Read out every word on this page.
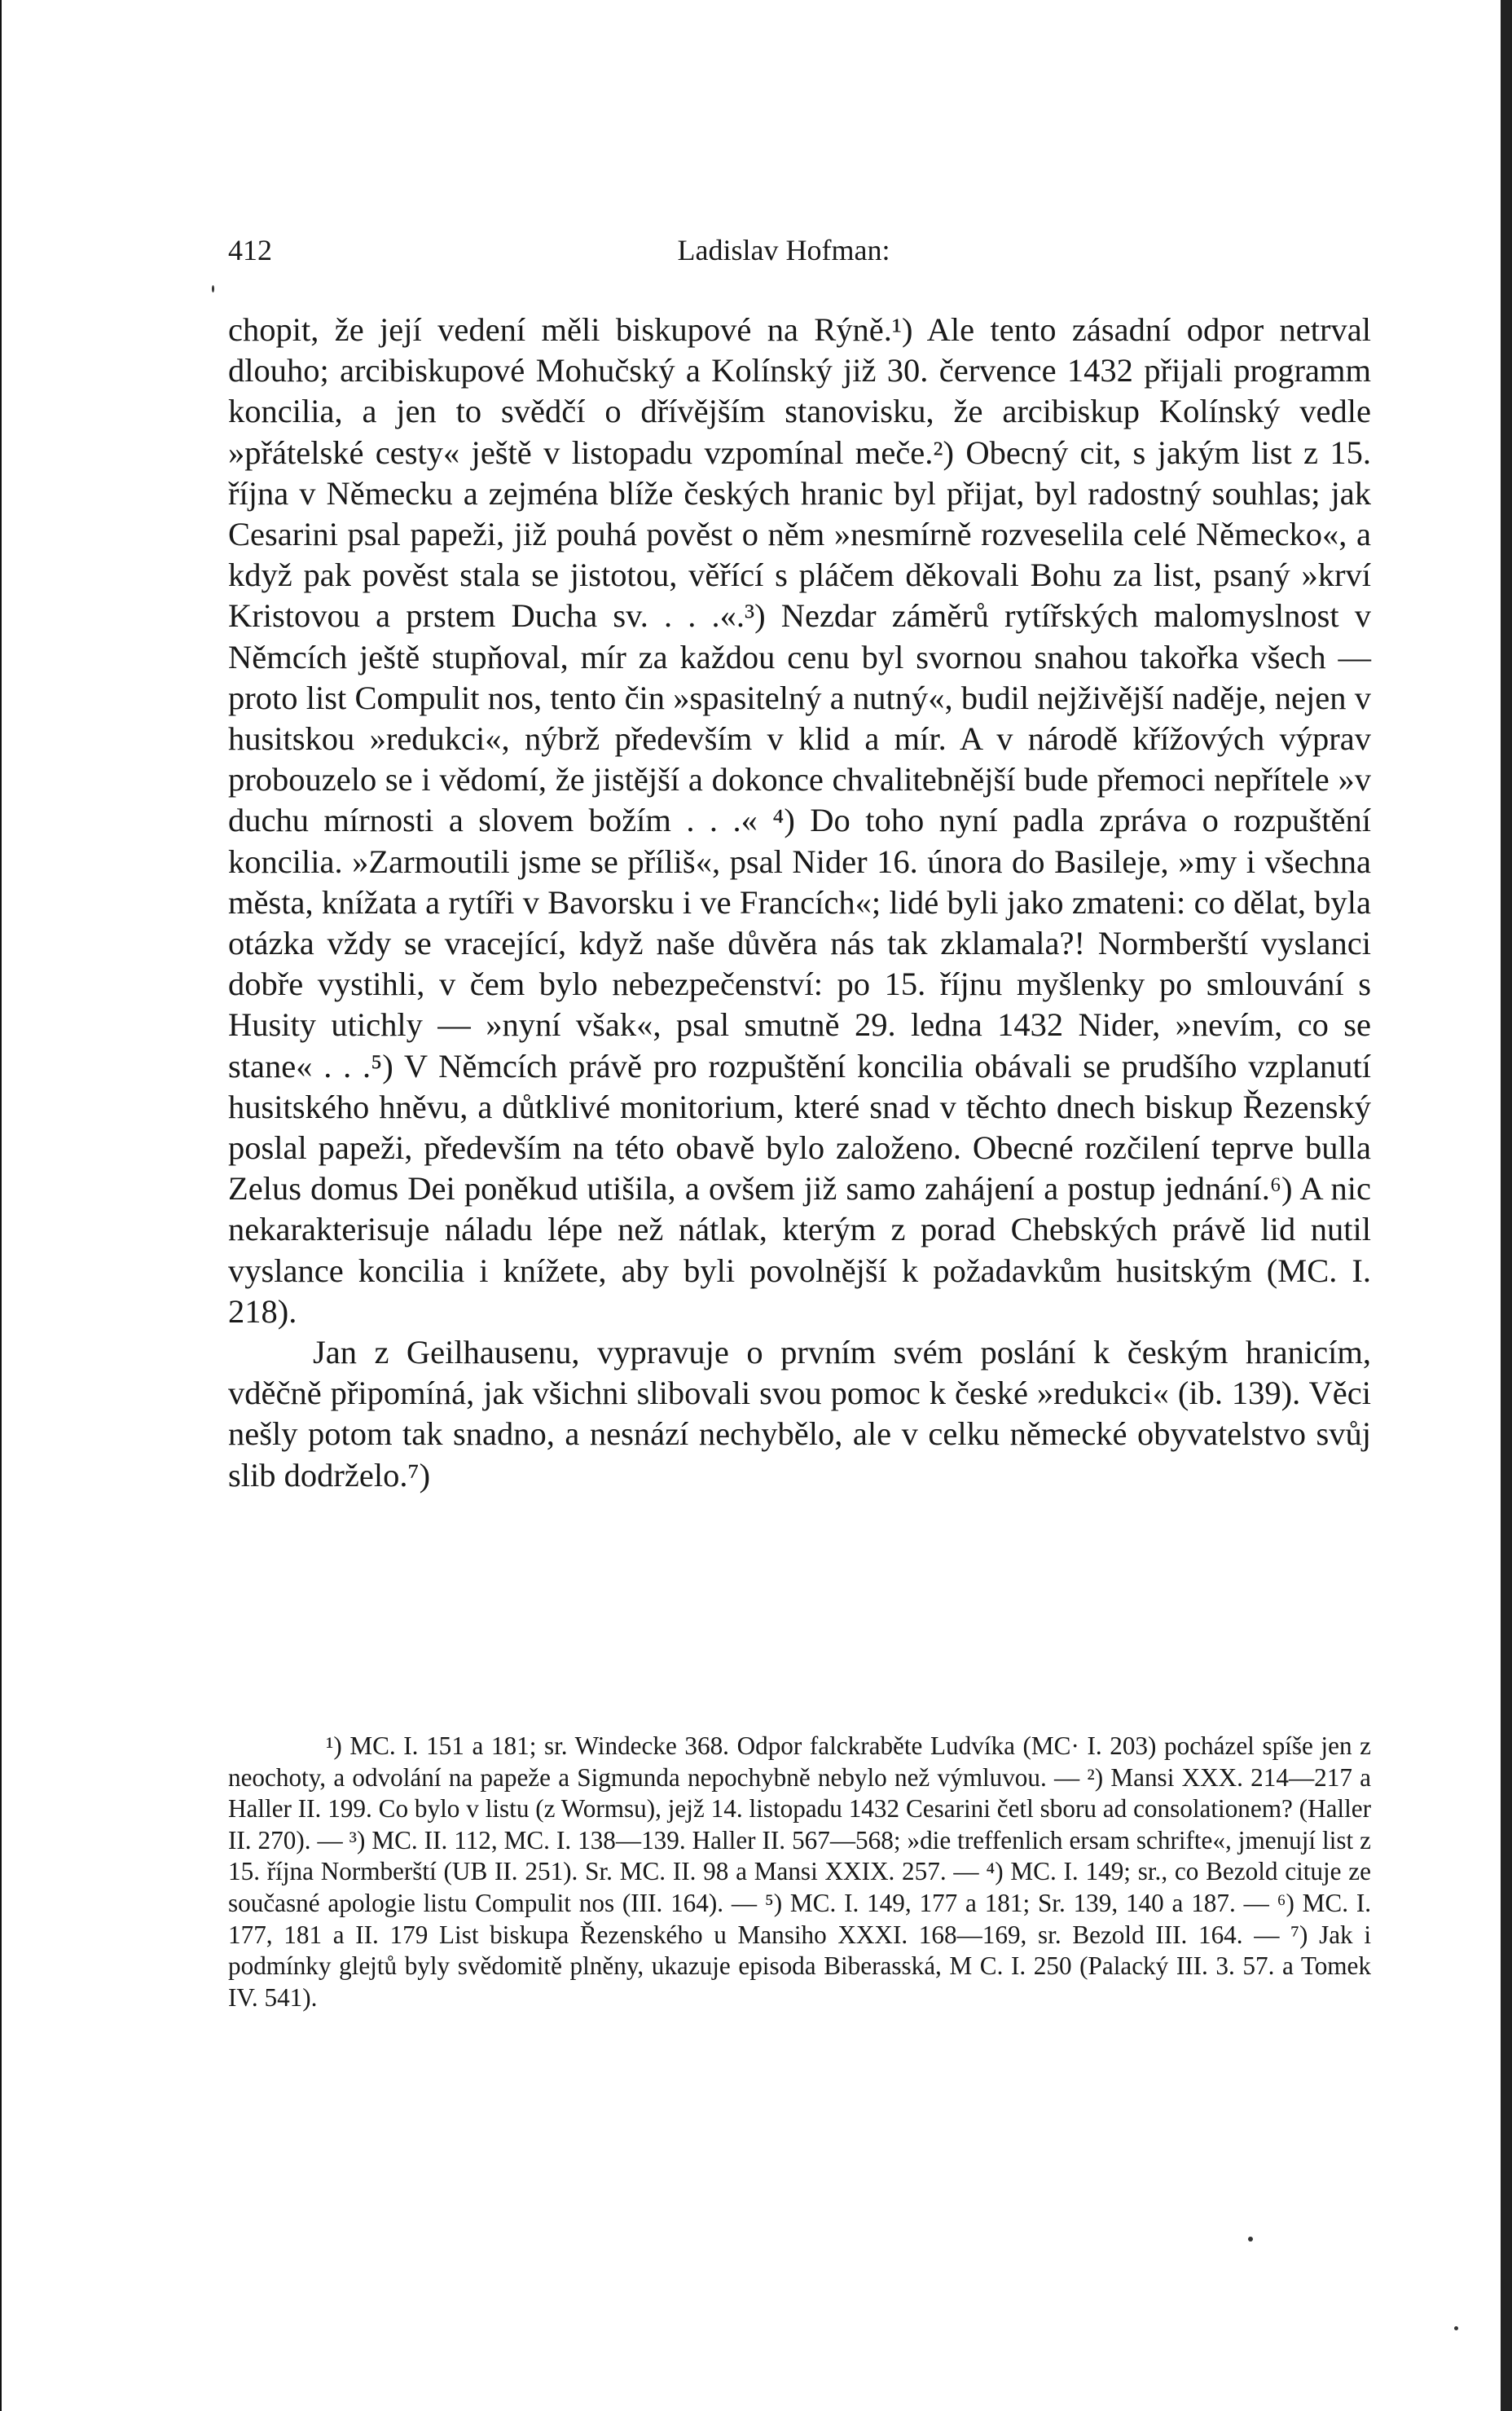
412	Ladislav Hofman:

chopit, že její vedení měli biskupové na Rýně.¹) Ale tento zásadní odpor netrval dlouho; arcibiskupové Mohučský a Kolínský již 30. července 1432 přijali programm koncilia, a jen to svědčí o dřívějším stanovisku, že arcibiskup Kolínský vedle »přátelské cesty« ještě v listopadu vzpomínal meče.²) Obecný cit, s jakým list z 15. října v Německu a zejména blíže českých hranic byl přijat, byl radostný souhlas; jak Cesarini psal papeži, již pouhá pověst o něm »nesmírně rozveselila celé Německo«, a když pak pověst stala se jistotou, věřící s pláčem děkovali Bohu za list, psaný »krví Kristovou a prstem Ducha sv. . . .«.³) Nezdar záměrů rytířských malomyslnost v Němcích ještě stupňoval, mír za každou cenu byl svornou snahou takořka všech — proto list Compulit nos, tento čin »spasitelný a nutný«, budil nejživější naděje, nejen v husitskou »redukci«, nýbrž především v klid a mír. A v národě křížových výprav probouzelo se i vědomí, že jistější a dokonce chvalitebnější bude přemoci nepřítele »v duchu mírnosti a slovem božím . . .« ⁴) Do toho nyní padla zpráva o rozpuštění koncilia. »Zarmoutili jsme se příliš«, psal Nider 16. února do Basileje, »my i všechna města, knížata a rytíři v Bavorsku i ve Francích«; lidé byli jako zmateni: co dělat, byla otázka vždy se vracející, když naše důvěra nás tak zklamala?! Normberští vyslanci dobře vystihli, v čem bylo nebezpečenství: po 15. říjnu myšlenky po smlouvání s Husity utichly — »nyní však«, psal smutně 29. ledna 1432 Nider, »nevím, co se stane« . . .⁵) V Němcích právě pro rozpuštění koncilia obávali se prudšího vzplanutí husitského hněvu, a důtklivé monitorium, které snad v těchto dnech biskup Řezenský poslal papeži, především na této obavě bylo založeno. Obecné rozčilení teprve bulla Zelus domus Dei poněkud utišila, a ovšem již samo zahájení a postup jednání.⁶) A nic nekarakterisuje náladu lépe než nátlak, kterým z porad Chebských právě lid nutil vyslance koncilia i knížete, aby byli povolnější k požadavkům husitským (MC. I. 218).

Jan z Geilhausenu, vypravuje o prvním svém poslání k českým hranicím, vděčně připomíná, jak všichni slibovali svou pomoc k české »redukci« (ib. 139). Věci nešly potom tak snadno, a nesnází nechybělo, ale v celku německé obyvatelstvo svůj slib dodrželo.⁷)

¹) MC. I. 151 a 181; sr. Windecke 368. Odpor falckraběte Ludvíka (MC· I. 203) pocházel spíše jen z neochoty, a odvolání na papeže a Sigmunda nepochybně nebylo než výmluvou. — ²) Mansi XXX. 214—217 a Haller II. 199. Co bylo v listu (z Wormsu), jejž 14. listopadu 1432 Cesarini četl sboru ad consolationem? (Haller II. 270). — ³) MC. II. 112, MC. I. 138—139. Haller II. 567—568; »die treffenlich ersam schrifte«, jmenují list z 15. října Normberští (UB II. 251). Sr. MC. II. 98 a Mansi XXIX. 257. — ⁴) MC. I. 149; sr., co Bezold cituje ze současné apologie listu Compulit nos (III. 164). — ⁵) MC. I. 149, 177 a 181; Sr. 139, 140 a 187. — ⁶) MC. I. 177, 181 a II. 179 List biskupa Řezenského u Mansiho XXXI. 168—169, sr. Bezold III. 164. — ⁷) Jak i podmínky glejtů byly svědomitě plněny, ukazuje episoda Biberasská, M C. I. 250 (Palacký III. 3. 57. a Tomek IV. 541).
